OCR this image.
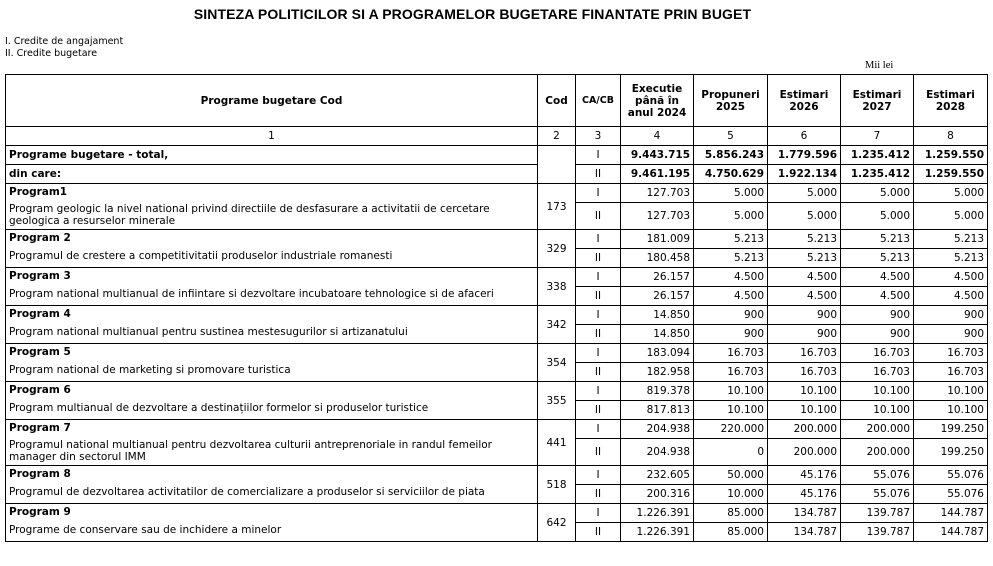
SINTEZA POLITICILOR SI A PROGRAMELOR BUGETARE FINANTATE PRIN BUGET
I. Credite de angajament
II. Credite bugetare
Mii lei
Programe bugetare Cod	Cod	CA/CB	Executie până în anul 2024	Propuneri 2025	Estimari 2026	Estimari 2027	Estimari 2028
1	2	3	4	5	6	7	8
Programe bugetare - total,		I	9.443.715	5.856.243	1.779.596	1.235.412	1.259.550
din care:		II	9.461.195	4.750.629	1.922.134	1.235.412	1.259.550

Program1
Program geologic la nivel national privind directiile de desfasurare a activitatii de cercetare geologica a resurselor minerale	173	I	127.703	5.000	5.000	5.000	5.000
		II	127.703	5.000	5.000	5.000	5.000

Program 2
Programul de crestere a competitivitatii produselor industriale romanesti	329	I	181.009	5.213	5.213	5.213	5.213
		II	180.458	5.213	5.213	5.213	5.213

Program 3
Program national multianual de infiintare si dezvoltare incubatoare tehnologice si de afaceri	338	I	26.157	4.500	4.500	4.500	4.500
		II	26.157	4.500	4.500	4.500	4.500

Program 4
Program national multianual pentru sustinea mestesugurilor si artizanatului	342	I	14.850	900	900	900	900
		II	14.850	900	900	900	900

Program 5
Program national de marketing si promovare turistica	354	I	183.094	16.703	16.703	16.703	16.703
		II	182.958	16.703	16.703	16.703	16.703

Program 6
Program multianual de dezvoltare a destinațiilor formelor si produselor turistice	355	I	819.378	10.100	10.100	10.100	10.100
		II	817.813	10.100	10.100	10.100	10.100

Program 7
Programul national multianual pentru dezvoltarea culturii antreprenoriale in randul femeilor manager din sectorul IMM	441	I	204.938	220.000	200.000	200.000	199.250
		II	204.938	0	200.000	200.000	199.250

Program 8
Programul de dezvoltarea activitatilor de comercializare a produselor si serviciilor de piata	518	I	232.605	50.000	45.176	55.076	55.076
		II	200.316	10.000	45.176	55.076	55.076

Program 9
Programe de conservare sau de inchidere a minelor	642	I	1.226.391	85.000	134.787	139.787	144.787
		II	1.226.391	85.000	134.787	139.787	144.787
